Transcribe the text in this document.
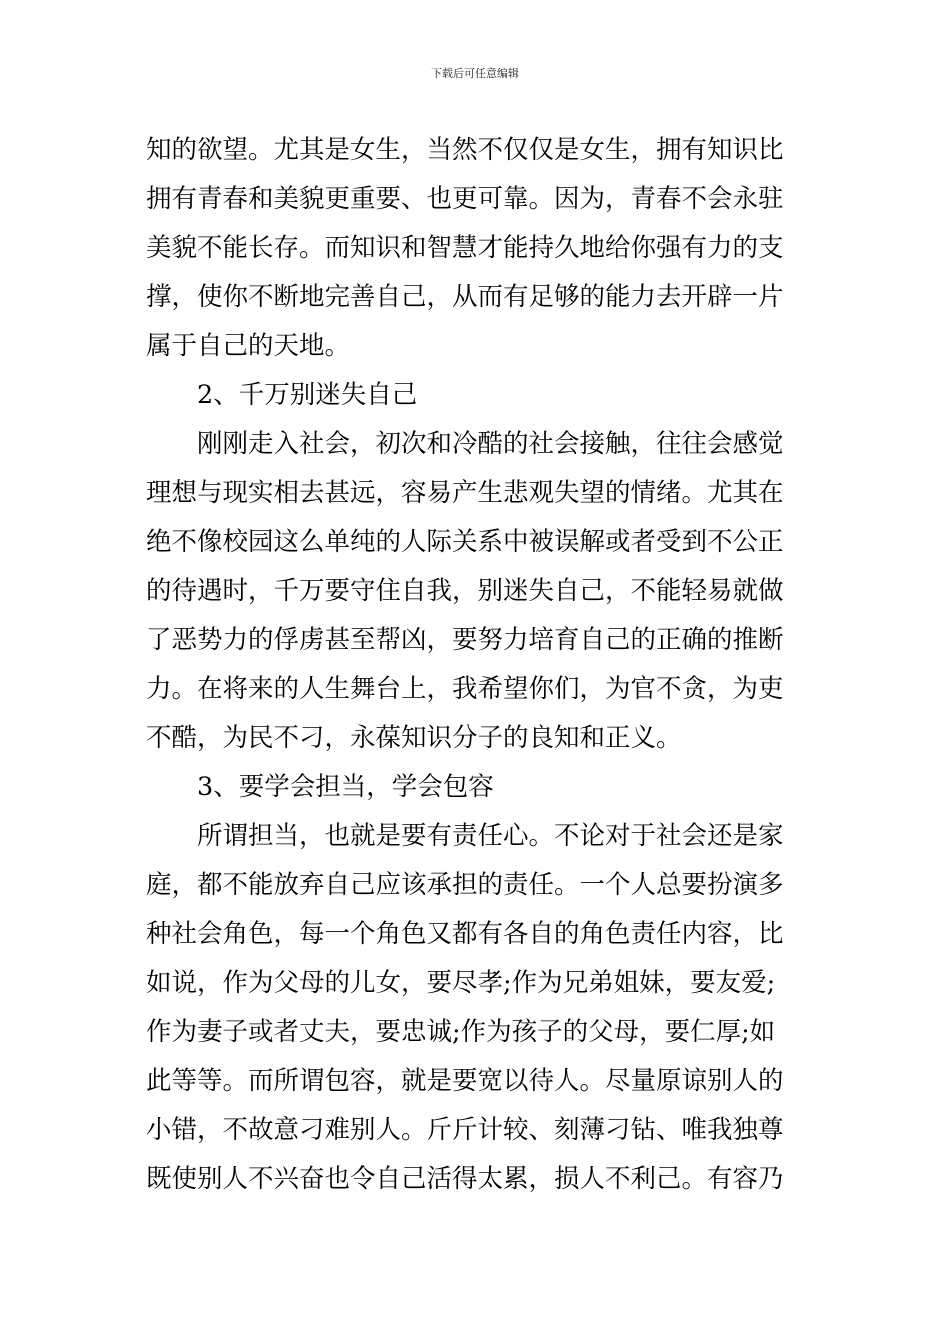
下载后可任意编辑
知的欲望。尤其是女生，当然不仅仅是女生，拥有知识比
拥有青春和美貌更重要、也更可靠。因为，青春不会永驻
美貌不能长存。而知识和智慧才能持久地给你强有力的支
撑，使你不断地完善自己，从而有足够的能力去开辟一片
属于自己的天地。
2、千万别迷失自己
刚刚走入社会，初次和冷酷的社会接触，往往会感觉
理想与现实相去甚远，容易产生悲观失望的情绪。尤其在
绝不像校园这么单纯的人际关系中被误解或者受到不公正
的待遇时，千万要守住自我，别迷失自己，不能轻易就做
了恶势力的俘虏甚至帮凶，要努力培育自己的正确的推断
力。在将来的人生舞台上，我希望你们，为官不贪，为吏
不酷，为民不刁，永葆知识分子的良知和正义。
3、要学会担当，学会包容
所谓担当，也就是要有责任心。不论对于社会还是家
庭，都不能放弃自己应该承担的责任。一个人总要扮演多
种社会角色，每一个角色又都有各自的角色责任内容，比
如说，作为父母的儿女，要尽孝;作为兄弟姐妹，要友爱;
作为妻子或者丈夫，要忠诚;作为孩子的父母，要仁厚;如
此等等。而所谓包容，就是要宽以待人。尽量原谅别人的
小错，不故意刁难别人。斤斤计较、刻薄刁钻、唯我独尊
既使别人不兴奋也令自己活得太累，损人不利己。有容乃
